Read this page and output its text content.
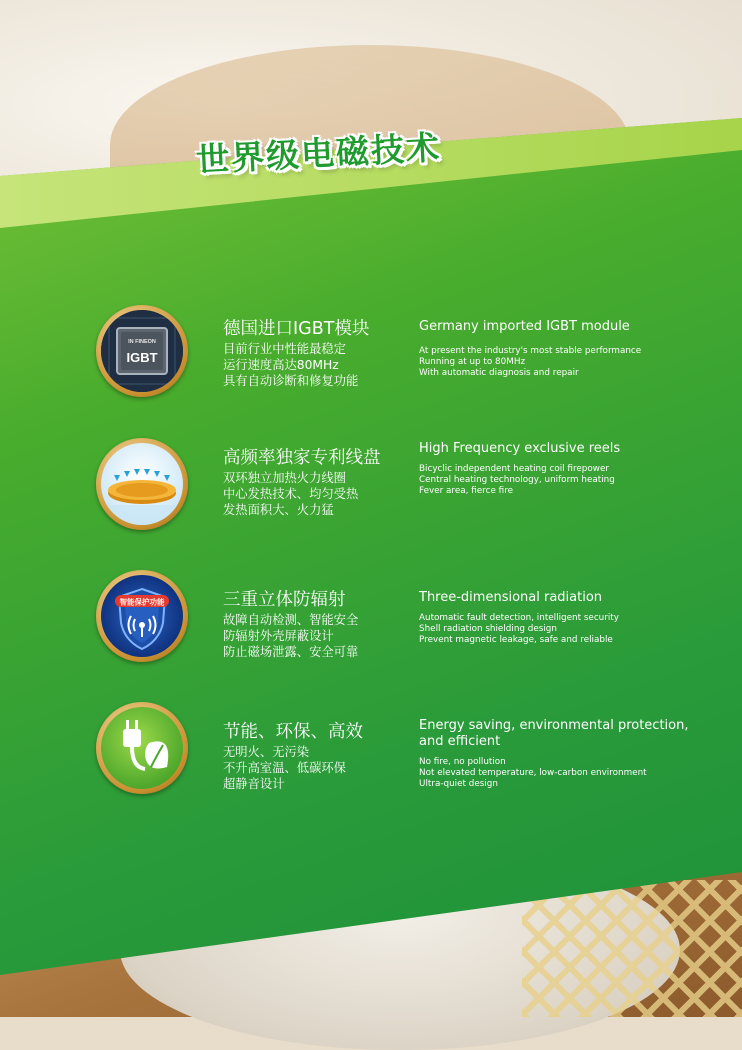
世界级电磁技术
IN FINEON
IGBT
德国进口IGBT模块
目前行业中性能最稳定
运行速度高达80MHz
具有自动诊断和修复功能
Germany imported IGBT module
At present the industry's most stable performance
Running at up to 80MHz
With automatic diagnosis and repair
高频率独家专利线盘
双环独立加热火力线圈
中心发热技术、均匀受热
发热面积大、火力猛
High Frequency exclusive reels
Bicyclic independent heating coil firepower
Central heating technology, uniform heating
Fever area, fierce fire
智能保护功能	三重立体防辐射
故障自动检测、智能安全
防辐射外壳屏蔽设计
防止磁场泄露、安全可靠
Three-dimensional radiation
Automatic fault detection, intelligent security
Shell radiation shielding design
Prevent magnetic leakage, safe and reliable
节能、环保、高效
无明火、无污染
不升高室温、低碳环保
超静音设计
Energy saving, environmental protection, and efficient
No fire, no pollution
Not elevated temperature, low-carbon environment
Ultra-quiet design
